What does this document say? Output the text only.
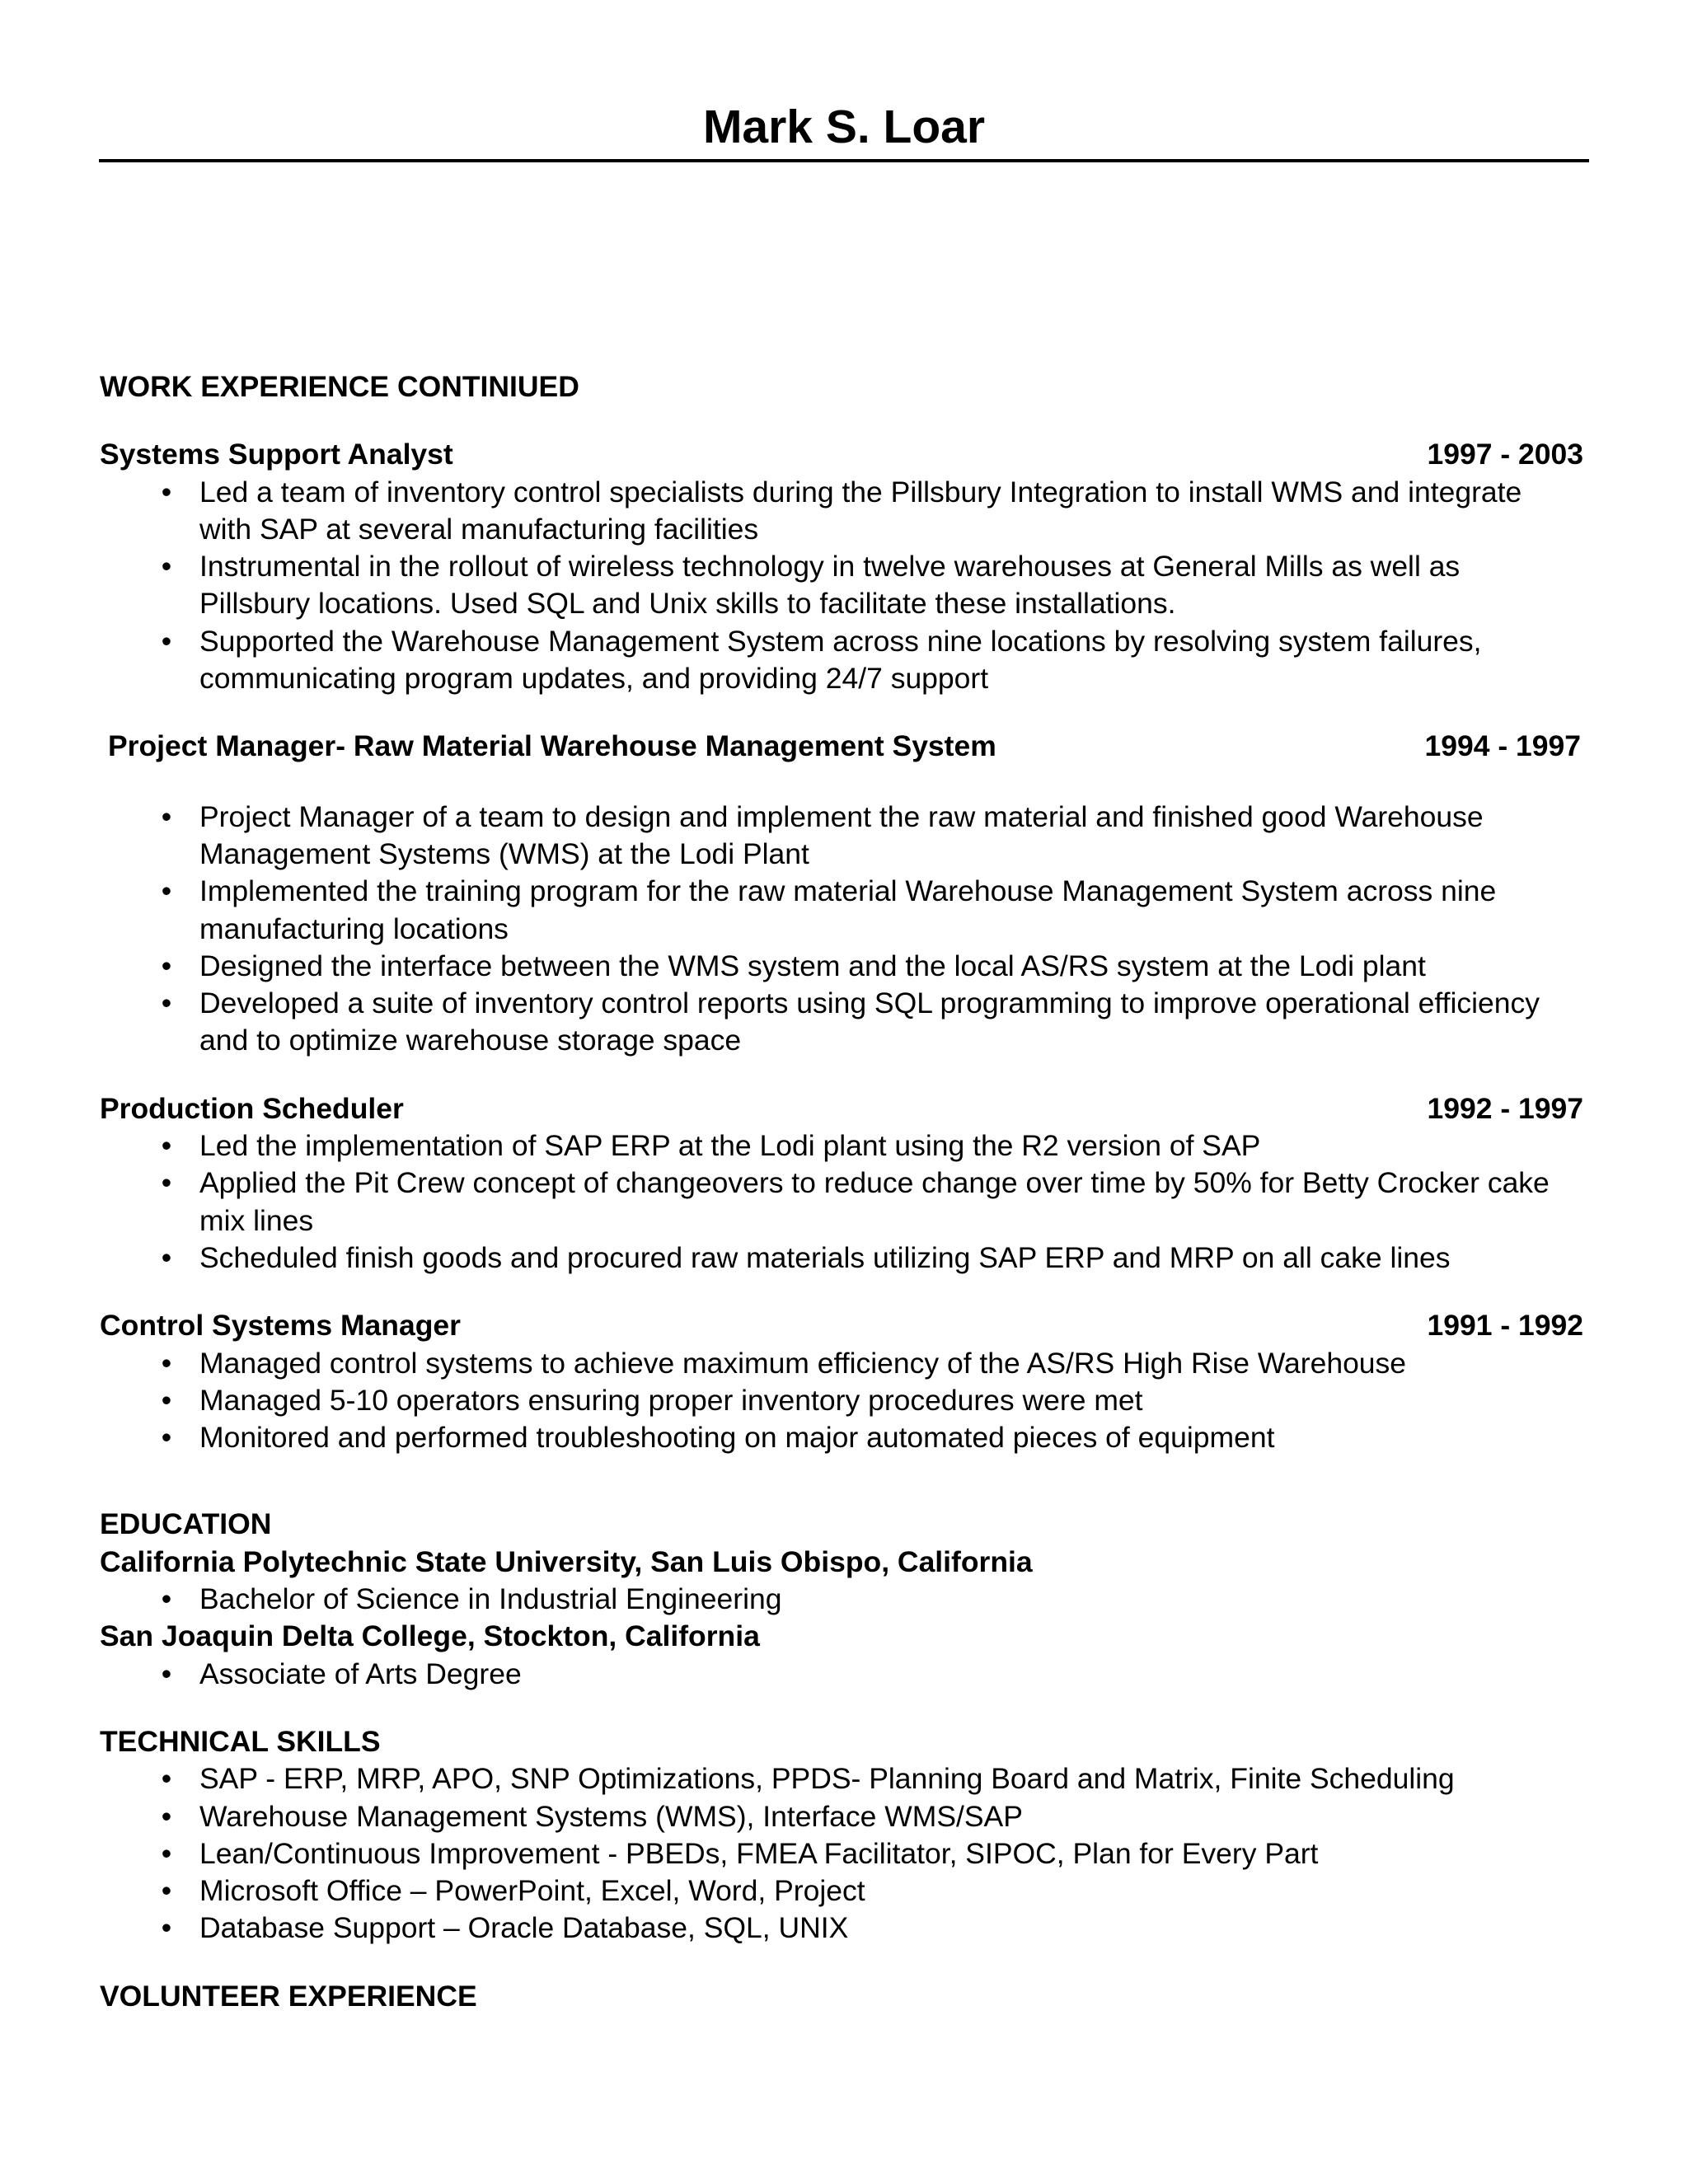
Mark S. Loar
WORK EXPERIENCE CONTINIUED
Systems Support Analyst	1997 - 2003
• Led a team of inventory control specialists during the Pillsbury Integration to install WMS and integrate with SAP at several manufacturing facilities
• Instrumental in the rollout of wireless technology in twelve warehouses at General Mills as well as Pillsbury locations. Used SQL and Unix skills to facilitate these installations.
• Supported the Warehouse Management System across nine locations by resolving system failures, communicating program updates, and providing 24/7 support
Project Manager- Raw Material Warehouse Management System	1994 - 1997
• Project Manager of a team to design and implement the raw material and finished good Warehouse Management Systems (WMS) at the Lodi Plant
• Implemented the training program for the raw material Warehouse Management System across nine manufacturing locations
• Designed the interface between the WMS system and the local AS/RS system at the Lodi plant
• Developed a suite of inventory control reports using SQL programming to improve operational efficiency and to optimize warehouse storage space
Production Scheduler	1992 - 1997
• Led the implementation of SAP ERP at the Lodi plant using the R2 version of SAP
• Applied the Pit Crew concept of changeovers to reduce change over time by 50% for Betty Crocker cake mix lines
• Scheduled finish goods and procured raw materials utilizing SAP ERP and MRP on all cake lines
Control Systems Manager	1991 - 1992
• Managed control systems to achieve maximum efficiency of the AS/RS High Rise Warehouse
• Managed 5-10 operators ensuring proper inventory procedures were met
• Monitored and performed troubleshooting on major automated pieces of equipment
EDUCATION
California Polytechnic State University, San Luis Obispo, California
• Bachelor of Science in Industrial Engineering
San Joaquin Delta College, Stockton, California
• Associate of Arts Degree
TECHNICAL SKILLS
• SAP - ERP, MRP, APO, SNP Optimizations, PPDS- Planning Board and Matrix, Finite Scheduling
• Warehouse Management Systems (WMS), Interface WMS/SAP
• Lean/Continuous Improvement - PBEDs, FMEA Facilitator, SIPOC, Plan for Every Part
• Microsoft Office – PowerPoint, Excel, Word, Project
• Database Support – Oracle Database, SQL, UNIX
VOLUNTEER EXPERIENCE
